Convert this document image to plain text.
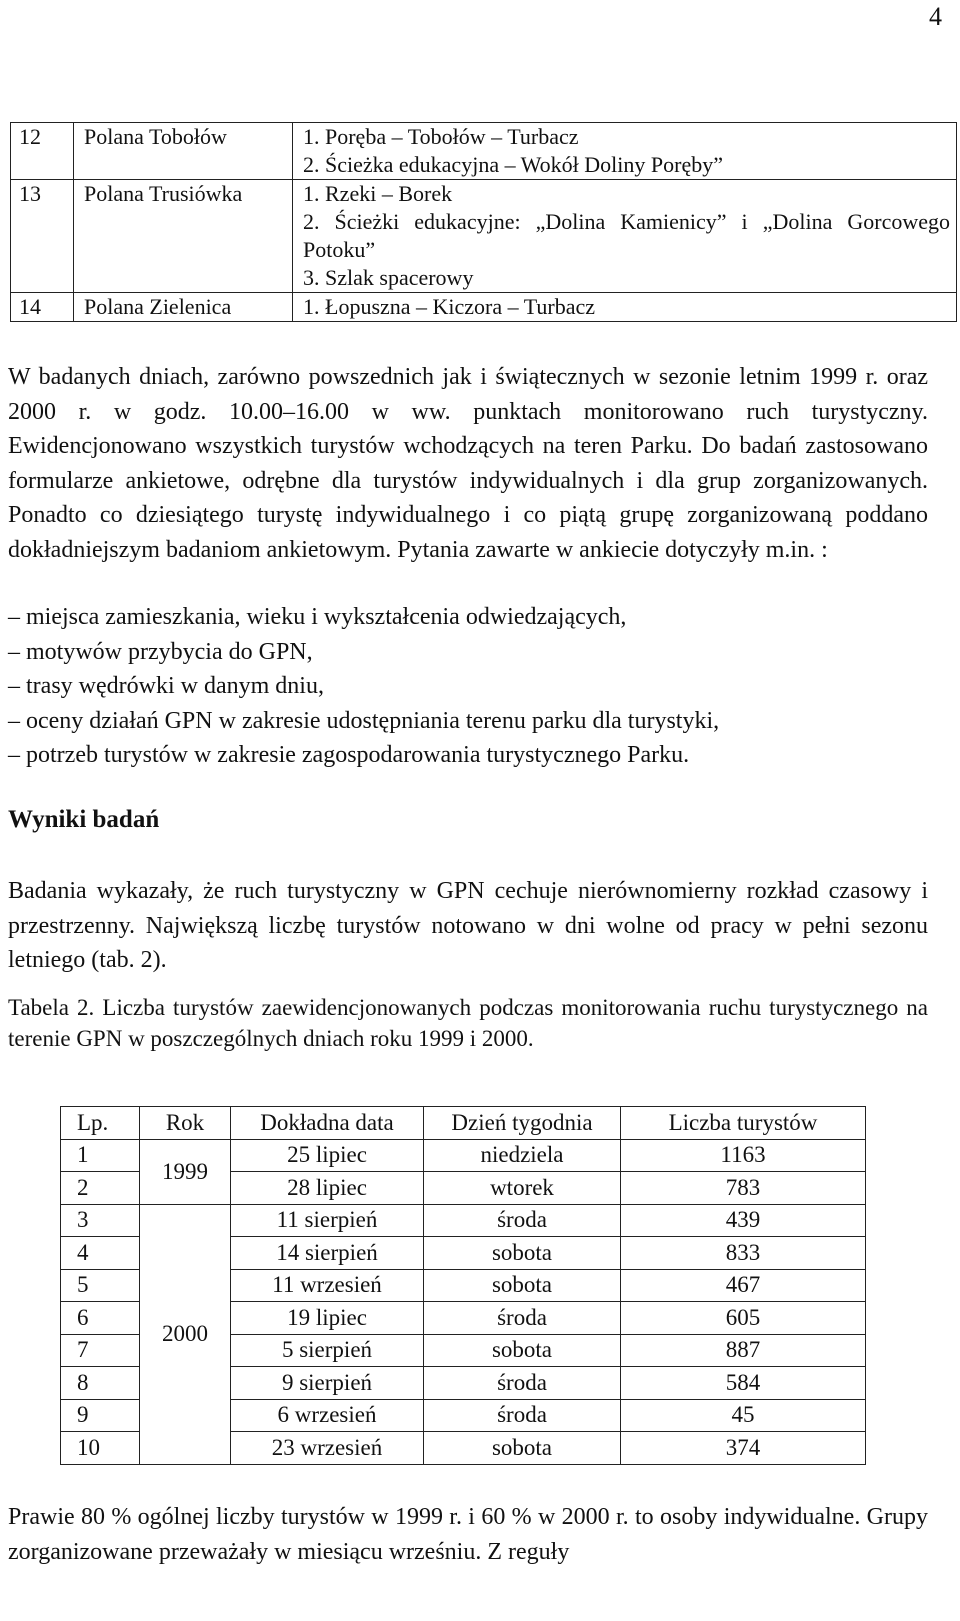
4
12	Polana Tobołów	1. Poręba – Tobołów – Turbacz
2. Ścieżka edukacyjna – Wokół Doliny Poręby”

13	Polana Trusiówka	1. Rzeki – Borek
2. Ścieżki edukacyjne: „Dolina Kamienicy” i „Dolina Gorcowego Potoku”
3. Szlak spacerowy

14	Polana Zielenica	1. Łopuszna – Kiczora – Turbacz

W badanych dniach, zarówno powszednich jak i świątecznych w sezonie letnim 1999 r. oraz 2000 r. w godz. 10.00–16.00 w ww. punktach monitorowano ruch turystyczny. Ewidencjonowano wszystkich turystów wchodzących na teren Parku. Do badań zastosowano formularze ankietowe, odrębne dla turystów indywidualnych i dla grup zorganizowanych. Ponadto co dziesiątego turystę indywidualnego i co piątą grupę zorganizowaną poddano dokładniejszym badaniom ankietowym. Pytania zawarte w ankiecie dotyczyły m.in. :

– miejsca zamieszkania, wieku i wykształcenia odwiedzających,
– motywów przybycia do GPN,
– trasy wędrówki w danym dniu,
– oceny działań GPN w zakresie udostępniania terenu parku dla turystyki,
– potrzeb turystów w zakresie zagospodarowania turystycznego Parku.
Wyniki badań

Badania wykazały, że ruch turystyczny w GPN cechuje nierównomierny rozkład czasowy i przestrzenny. Największą liczbę turystów notowano w dni wolne od pracy w pełni sezonu letniego (tab. 2).

Tabela 2. Liczba turystów zaewidencjonowanych podczas monitorowania ruchu turystycznego na terenie GPN w poszczególnych dniach roku 1999 i 2000.

Lp.	Rok	Dokładna data	Dzień tygodnia	Liczba turystów
1	1999	25 lipiec	niedziela	1163
2		28 lipiec	wtorek	783
3	2000	11 sierpień	środa	439
4		14 sierpień	sobota	833
5		11 wrzesień	sobota	467
6		19 lipiec	środa	605
7		5 sierpień	sobota	887
8		9 sierpień	środa	584
9		6 wrzesień	środa	45
10		23 wrzesień	sobota	374

Prawie 80 % ogólnej liczby turystów w 1999 r. i 60 % w 2000 r. to osoby indywidualne. Grupy zorganizowane przeważały w miesiącu wrześniu. Z reguły
